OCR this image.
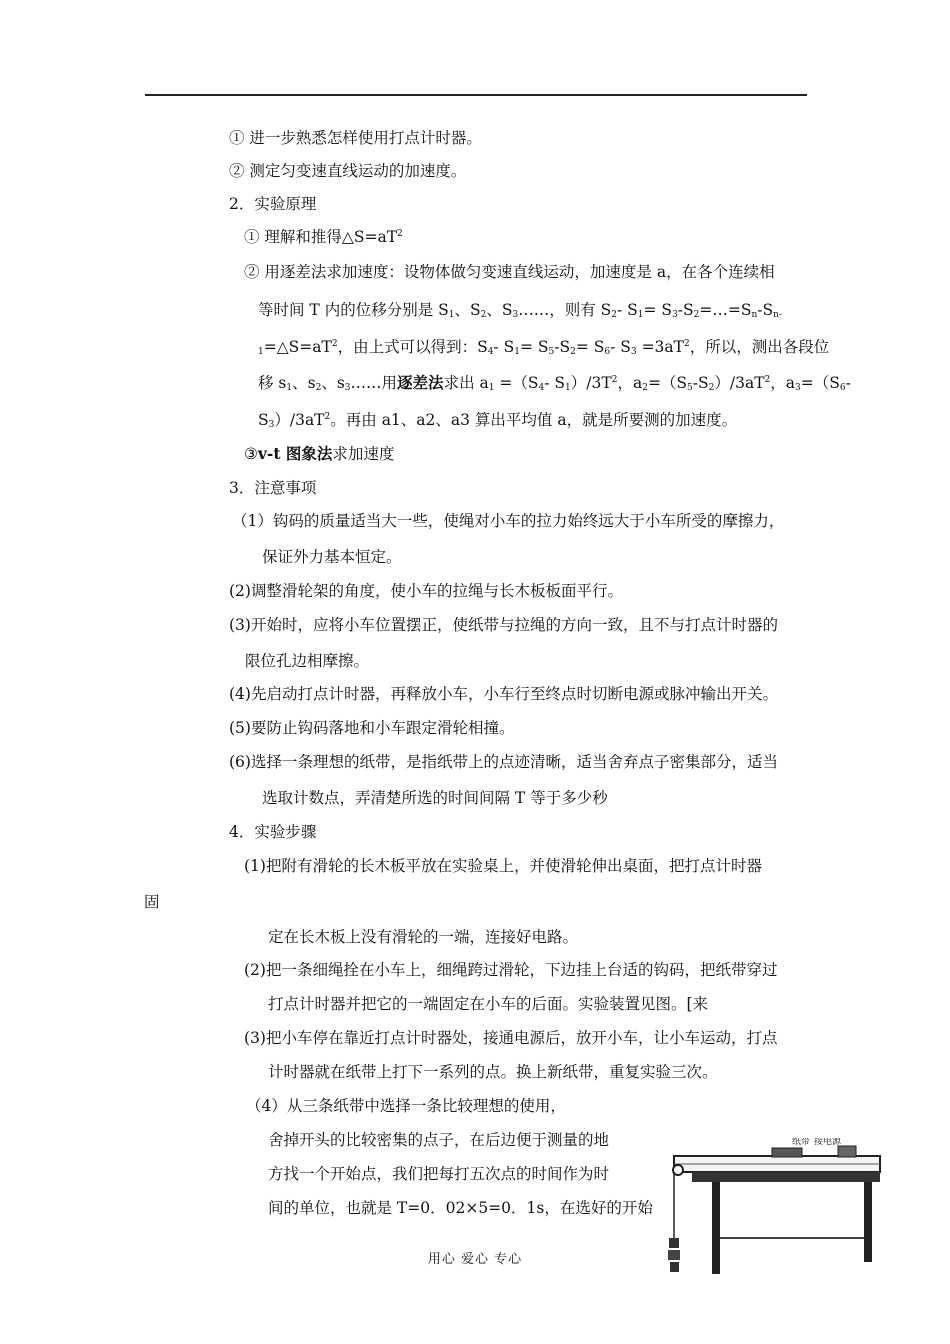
① 进一步熟悉怎样使用打点计时器。
② 测定匀变速直线运动的加速度。
2．实验原理
① 理解和推得$\triangle S=aT^2$
② 用逐差法求加速度：设物体做匀变速直线运动，加速度是 a，在各个连续相
等时间 T 内的位移分别是 $S_1$、$S_2$、$S_3\dots\dots$，则有 $S_2-$ $S_1=$ $S_3-S_2=\dots=S_n-S_{n-}$
$_1=\triangle S=aT^2$，由上式可以得到：$S_4-$ $S_1= S_5-S_2= S_6-$ $S_3 =3aT^2$，所以，测出各段位
移 $s_1$、$s_2$、$s_3\dots\dots$用逐差法求出 $a_1 =(S_4-$ $S_1)/3T^2$，$a_2=(S_5-S_2)/3aT^2$，$a_3=(S_6-$
$S_3)/3aT^2$。再由 a1、a2、a3 算出平均值 a，就是所要测的加速度。
③v-t 图象法求加速度
3．注意事项
（1）钩码的质量适当大一些，使绳对小车的拉力始终远大于小车所受的摩擦力，
保证外力基本恒定。
(2)调整滑轮架的角度，使小车的拉绳与长木板板面平行。
(3)开始时，应将小车位置摆正，使纸带与拉绳的方向一致，且不与打点计时器的
限位孔边相摩擦。
(4)先启动打点计时器，再释放小车，小车行至终点时切断电源或脉冲输出开关。
(5)要防止钩码落地和小车跟定滑轮相撞。
(6)选择一条理想的纸带，是指纸带上的点迹清晰，适当舍弃点子密集部分，适当
选取计数点，弄清楚所选的时间间隔 T 等于多少秒
4．实验步骤
(1)把附有滑轮的长木板平放在实验桌上，并使滑轮伸出桌面，把打点计时器
固
定在长木板上没有滑轮的一端，连接好电路。
(2)把一条细绳拴在小车上，细绳跨过滑轮，下边挂上台适的钩码，把纸带穿过
打点计时器并把它的一端固定在小车的后面。实验装置见图。[来
(3)把小车停在靠近打点计时器处，接通电源后，放开小车，让小车运动，打点
计时器就在纸带上打下一系列的点。换上新纸带，重复实验三次。
（4）从三条纸带中选择一条比较理想的使用，
舍掉开头的比较密集的点子，在后边便于测量的地
方找一个开始点，我们把每打五次点的时间作为时
间的单位，也就是 T=0．02×5=0．1s，在选好的开始
纸带 接电源
用心 爱心 专心
